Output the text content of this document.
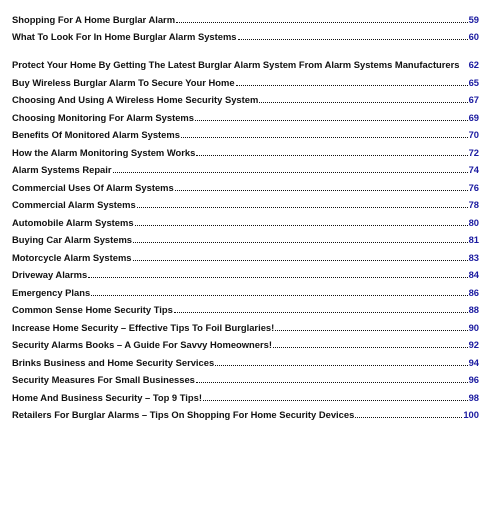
Shopping For A Home Burglar Alarm	59
What To Look For In Home Burglar Alarm Systems	60
Protect Your Home By Getting The Latest Burglar Alarm System From Alarm Systems Manufacturers 62
Buy Wireless Burglar Alarm To Secure Your Home	65
Choosing And Using A Wireless Home Security System	67
Choosing Monitoring For Alarm Systems	69
Benefits Of Monitored Alarm Systems	70
How the Alarm Monitoring System Works	72
Alarm Systems Repair	74
Commercial Uses Of Alarm Systems	76
Commercial Alarm Systems	78
Automobile Alarm Systems	80
Buying Car Alarm Systems	81
Motorcycle Alarm Systems	83
Driveway Alarms	84
Emergency Plans	86
Common Sense Home Security Tips	88
Increase Home Security – Effective Tips To Foil Burglaries!	90
Security Alarms Books – A Guide For Savvy Homeowners!	92
Brinks Business and Home Security Services	94
Security Measures For Small Businesses	96
Home And Business Security – Top 9 Tips!	98
Retailers For Burglar Alarms – Tips On Shopping For Home Security Devices	100
